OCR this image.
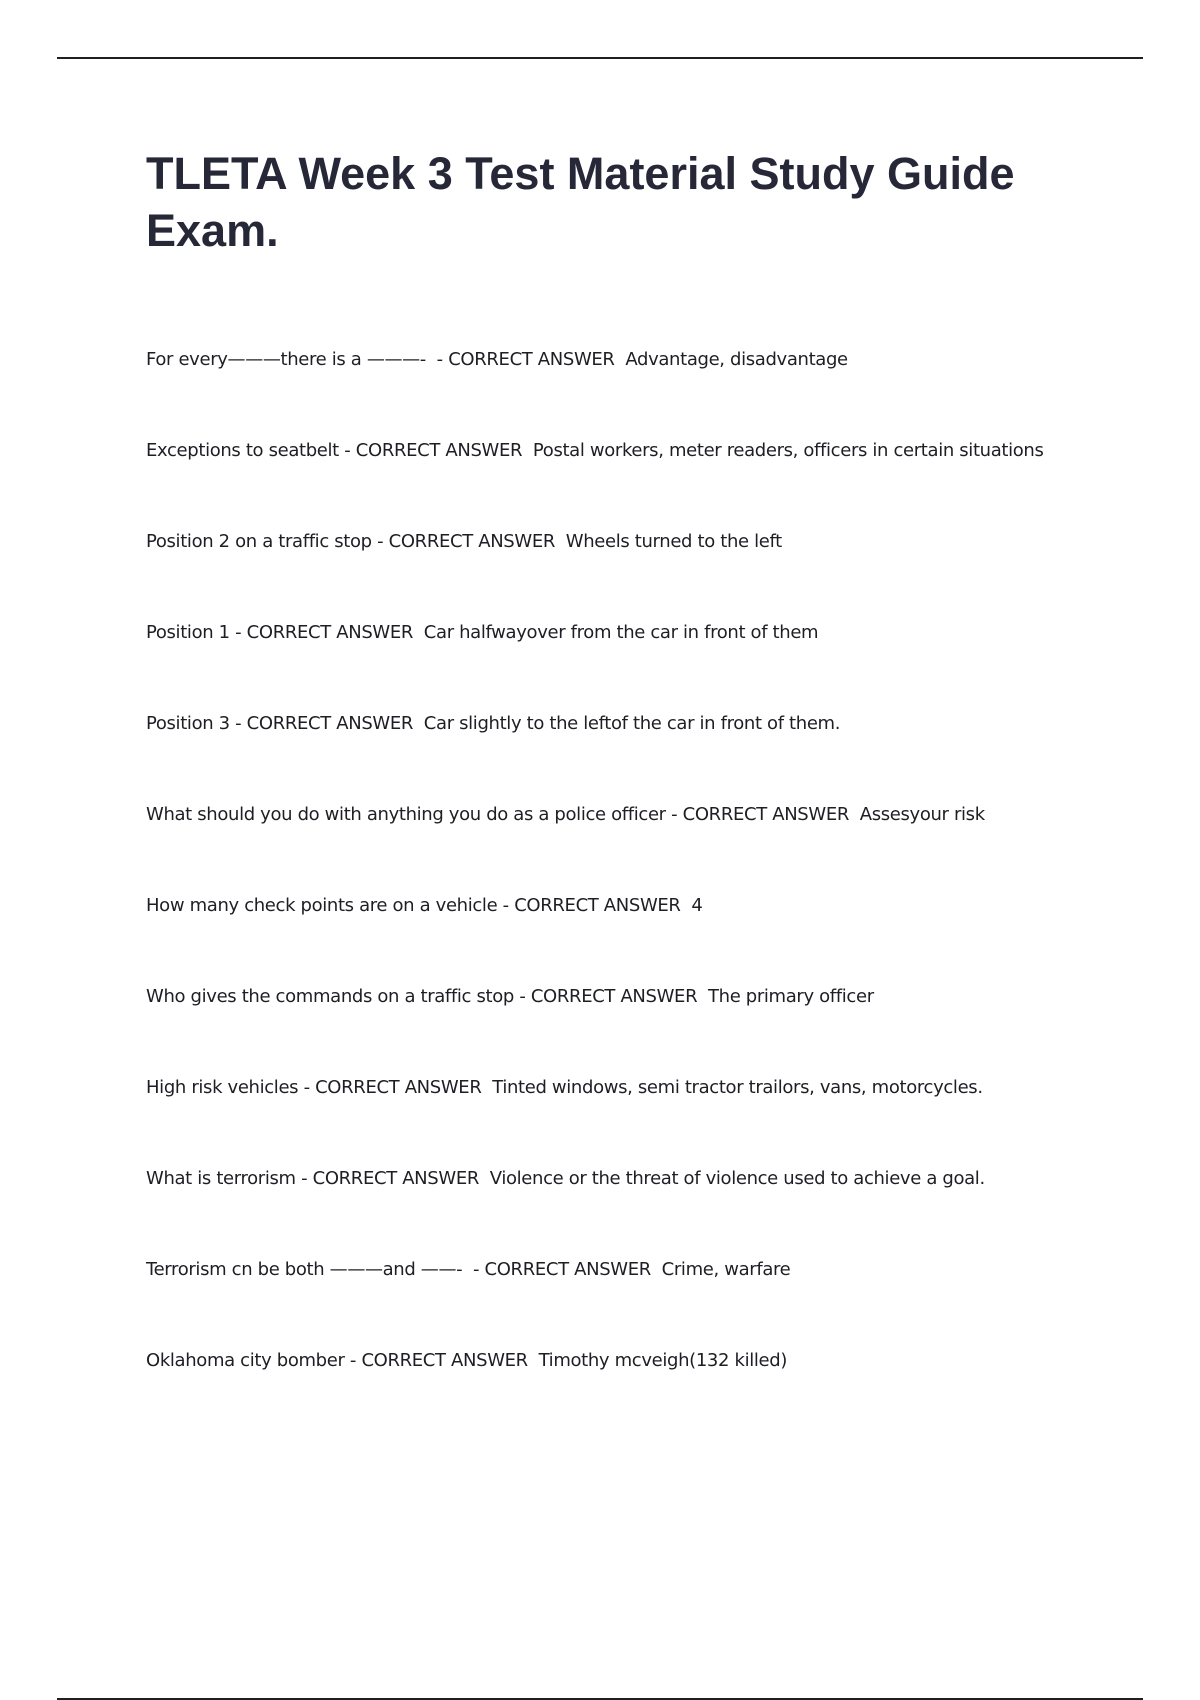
TLETA Week 3 Test Material Study Guide Exam.
For every———there is a ———-  - CORRECT ANSWER Advantage, disadvantage
Exceptions to seatbelt - CORRECT ANSWER Postal workers, meter readers, officers in certain situations
Position 2 on a traffic stop - CORRECT ANSWER Wheels turned to the left
Position 1 - CORRECT ANSWER Car halfwayover from the car in front of them
Position 3 - CORRECT ANSWER Car slightly to the leftof the car in front of them.
What should you do with anything you do as a police officer - CORRECT ANSWER Assesyour risk
How many check points are on a vehicle - CORRECT ANSWER 4
Who gives the commands on a traffic stop - CORRECT ANSWER The primary officer
High risk vehicles - CORRECT ANSWER Tinted windows, semi tractor trailors, vans, motorcycles.
What is terrorism - CORRECT ANSWER Violence or the threat of violence used to achieve a goal.
Terrorism cn be both ———and ——-  - CORRECT ANSWER Crime, warfare
Oklahoma city bomber - CORRECT ANSWER Timothy mcveigh(132 killed)
